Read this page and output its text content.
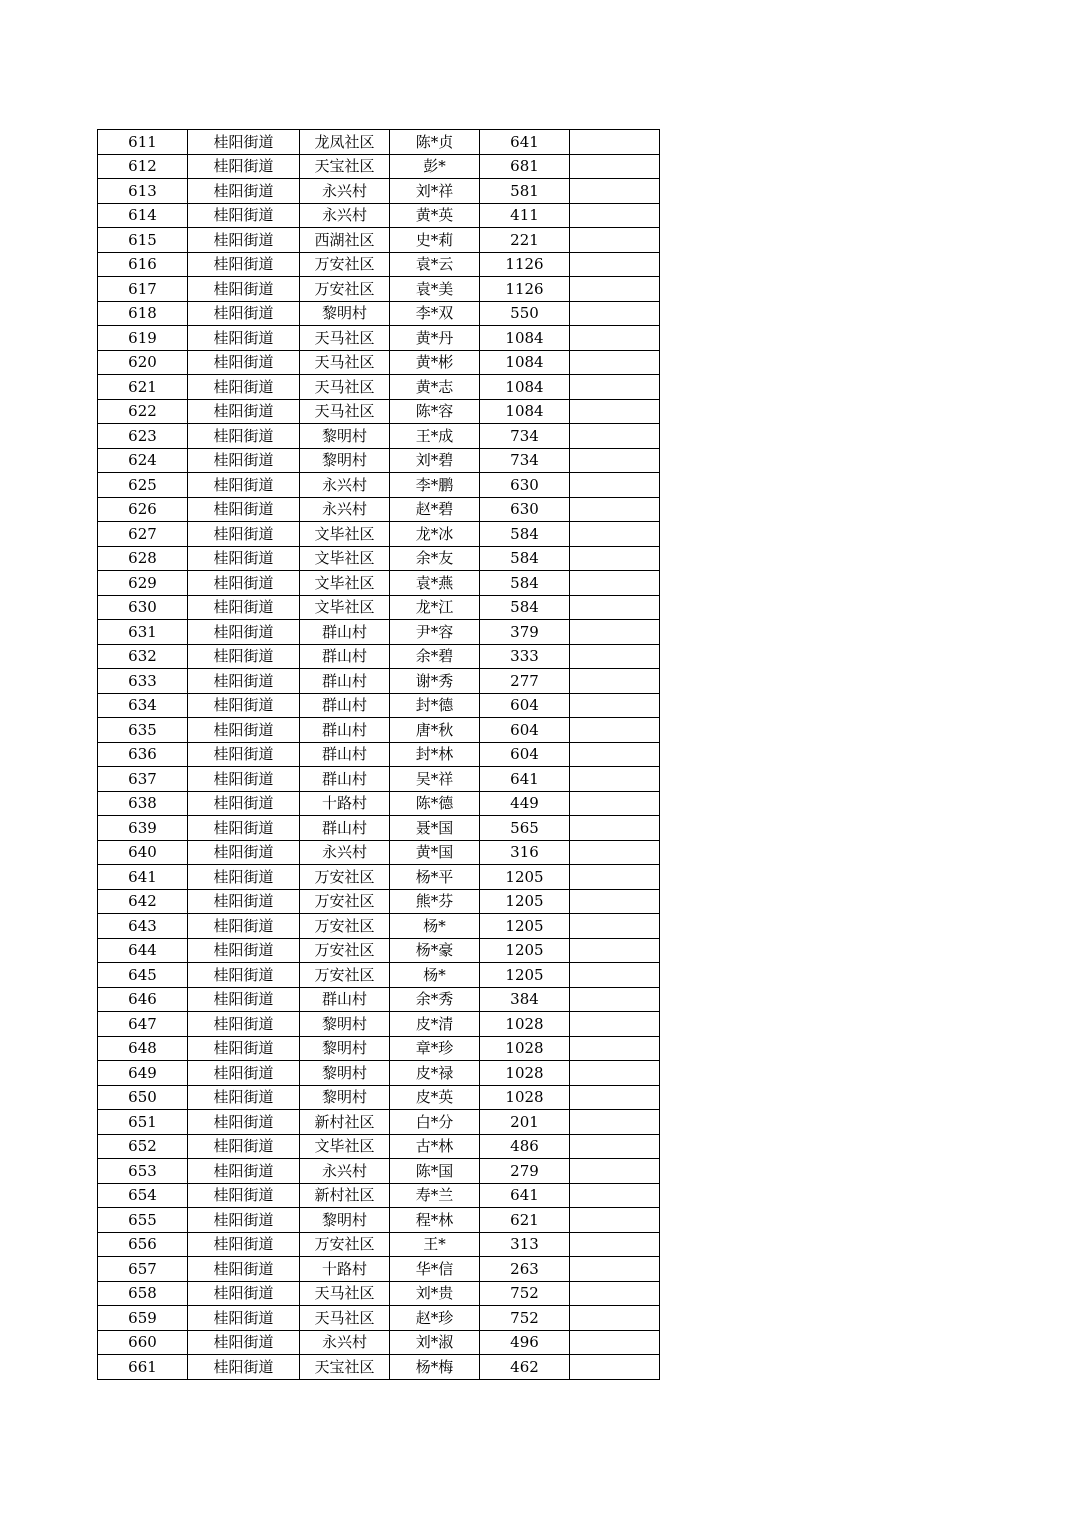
611	桂阳街道	龙凤社区	陈*贞	641	
612	桂阳街道	天宝社区	彭*	681	
613	桂阳街道	永兴村	刘*祥	581	
614	桂阳街道	永兴村	黄*英	411	
615	桂阳街道	西湖社区	史*莉	221	
616	桂阳街道	万安社区	袁*云	1126	
617	桂阳街道	万安社区	袁*美	1126	
618	桂阳街道	黎明村	李*双	550	
619	桂阳街道	天马社区	黄*丹	1084	
620	桂阳街道	天马社区	黄*彬	1084	
621	桂阳街道	天马社区	黄*志	1084	
622	桂阳街道	天马社区	陈*容	1084	
623	桂阳街道	黎明村	王*成	734	
624	桂阳街道	黎明村	刘*碧	734	
625	桂阳街道	永兴村	李*鹏	630	
626	桂阳街道	永兴村	赵*碧	630	
627	桂阳街道	文毕社区	龙*冰	584	
628	桂阳街道	文毕社区	余*友	584	
629	桂阳街道	文毕社区	袁*燕	584	
630	桂阳街道	文毕社区	龙*江	584	
631	桂阳街道	群山村	尹*容	379	
632	桂阳街道	群山村	余*碧	333	
633	桂阳街道	群山村	谢*秀	277	
634	桂阳街道	群山村	封*德	604	
635	桂阳街道	群山村	唐*秋	604	
636	桂阳街道	群山村	封*林	604	
637	桂阳街道	群山村	吴*祥	641	
638	桂阳街道	十路村	陈*德	449	
639	桂阳街道	群山村	聂*国	565	
640	桂阳街道	永兴村	黄*国	316	
641	桂阳街道	万安社区	杨*平	1205	
642	桂阳街道	万安社区	熊*芬	1205	
643	桂阳街道	万安社区	杨*	1205	
644	桂阳街道	万安社区	杨*豪	1205	
645	桂阳街道	万安社区	杨*	1205	
646	桂阳街道	群山村	余*秀	384	
647	桂阳街道	黎明村	皮*清	1028	
648	桂阳街道	黎明村	章*珍	1028	
649	桂阳街道	黎明村	皮*禄	1028	
650	桂阳街道	黎明村	皮*英	1028	
651	桂阳街道	新村社区	白*分	201	
652	桂阳街道	文毕社区	古*林	486	
653	桂阳街道	永兴村	陈*国	279	
654	桂阳街道	新村社区	寿*兰	641	
655	桂阳街道	黎明村	程*林	621	
656	桂阳街道	万安社区	王*	313	
657	桂阳街道	十路村	华*信	263	
658	桂阳街道	天马社区	刘*贵	752	
659	桂阳街道	天马社区	赵*珍	752	
660	桂阳街道	永兴村	刘*淑	496	
661	桂阳街道	天宝社区	杨*梅	462	
